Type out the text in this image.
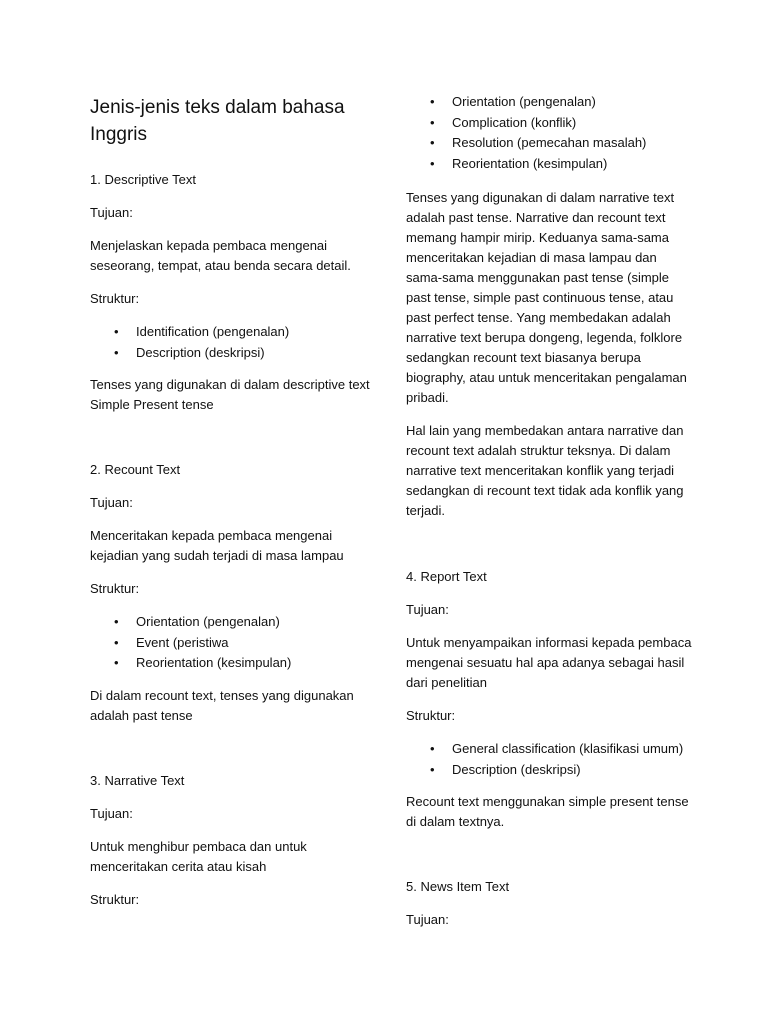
Jenis-jenis teks dalam bahasa Inggris

1. Descriptive Text

Tujuan:

Menjelaskan kepada pembaca mengenai seseorang, tempat, atau benda secara detail.

Struktur:

• Identification (pengenalan)
• Description (deskripsi)

Tenses yang digunakan di dalam descriptive text Simple Present tense

2. Recount Text

Tujuan:

Menceritakan kepada pembaca mengenai kejadian yang sudah terjadi di masa lampau

Struktur:

• Orientation (pengenalan)
• Event (peristiwa
• Reorientation (kesimpulan)

Di dalam recount text, tenses yang digunakan adalah past tense

3. Narrative Text

Tujuan:

Untuk menghibur pembaca dan untuk menceritakan cerita atau kisah

Struktur:

• Orientation (pengenalan)
• Complication (konflik)
• Resolution (pemecahan masalah)
• Reorientation (kesimpulan)

Tenses yang digunakan di dalam narrative text adalah past tense. Narrative dan recount text memang hampir mirip. Keduanya sama-sama menceritakan kejadian di masa lampau dan sama-sama menggunakan past tense (simple past tense, simple past continuous tense, atau past perfect tense. Yang membedakan adalah narrative text berupa dongeng, legenda, folklore sedangkan recount text biasanya berupa biography, atau untuk menceritakan pengalaman pribadi.

Hal lain yang membedakan antara narrative dan recount text adalah struktur teksnya. Di dalam narrative text menceritakan konflik yang terjadi sedangkan di recount text tidak ada konflik yang terjadi.

4. Report Text

Tujuan:

Untuk menyampaikan informasi kepada pembaca mengenai sesuatu hal apa adanya sebagai hasil dari penelitian

Struktur:

• General classification (klasifikasi umum)
• Description (deskripsi)

Recount text menggunakan simple present tense di dalam textnya.

5. News Item Text

Tujuan:
